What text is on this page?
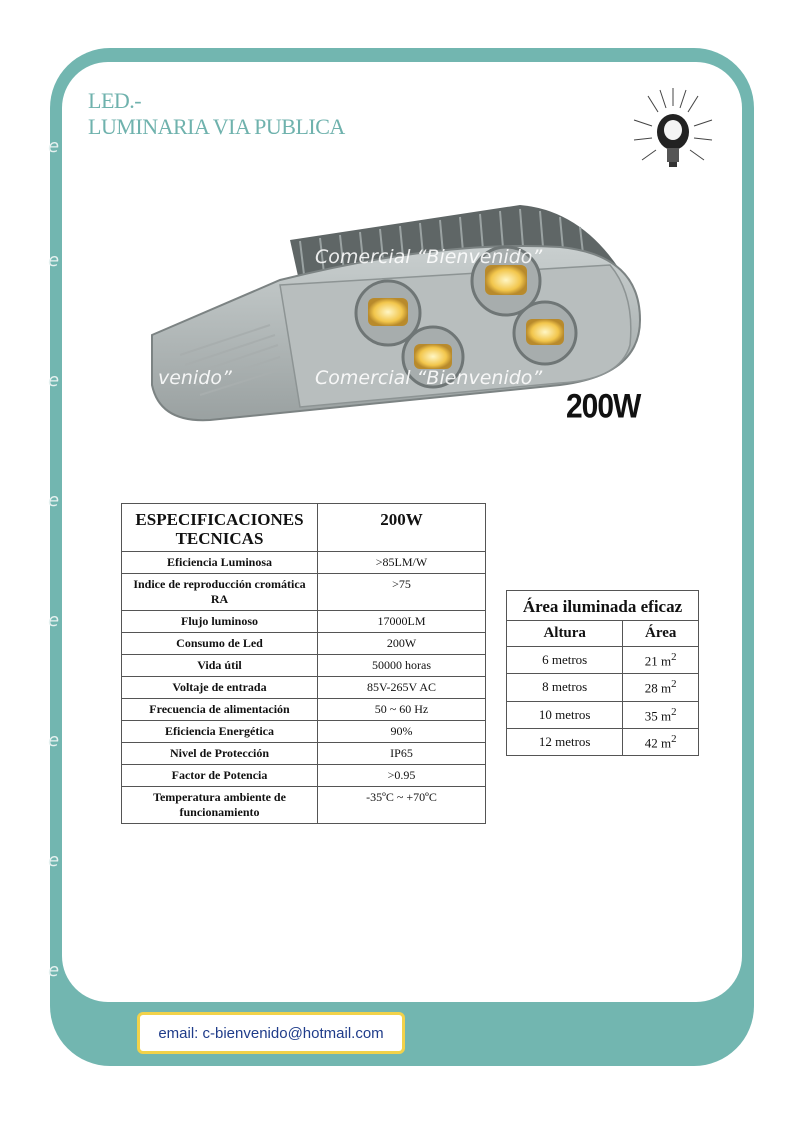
e
e
e
e
e
e
e
e
LED.-
LUMINARIA VIA PUBLICA
Comercial “Bienvenido”
Comercial “Bienvenido”
venido”
200W
ESPECIFICACIONES TECNICAS	200W
Eficiencia Luminosa	>85LM/W
Indice de reproducción cromática RA	>75
Flujo luminoso	17000LM
Consumo de Led	200W
Vida útil	50000 horas
Voltaje de entrada	85V-265V AC
Frecuencia de alimentación	50 ~ 60 Hz
Eficiencia Energética	90%
Nivel de Protección	IP65
Factor de Potencia	>0.95
Temperatura ambiente de funcionamiento	-35ºC ~ +70ºC
Área iluminada eficaz	
Altura	Área
6 metros	21 $m^2$
8 metros	28 $m^2$
10 metros	35 $m^2$
12 metros	42 $m^2$
email: c-bienvenido@hotmail.com
